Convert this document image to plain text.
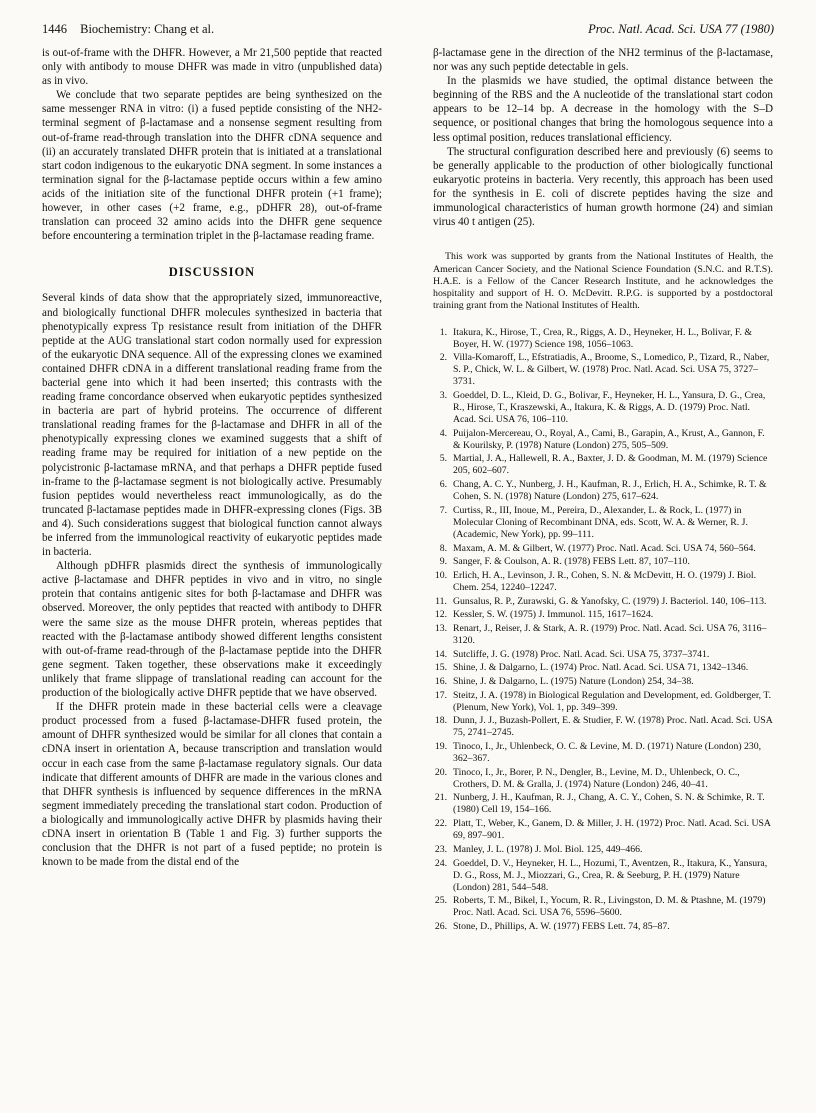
1446 Biochemistry: Chang et al.	Proc. Natl. Acad. Sci. USA 77 (1980)

is out-of-frame with the DHFR. However, a Mr 21,500 peptide that reacted only with antibody to mouse DHFR was made in vitro (unpublished data) as in vivo.

We conclude that two separate peptides are being synthesized on the same messenger RNA in vitro: (i) a fused peptide consisting of the NH2-terminal segment of β-lactamase and a nonsense segment resulting from out-of-frame read-through translation into the DHFR cDNA sequence and (ii) an accurately translated DHFR protein that is initiated at a translational start codon indigenous to the eukaryotic DNA segment. In some instances a termination signal for the β-lactamase peptide occurs within a few amino acids of the initiation site of the functional DHFR protein (+1 frame); however, in other cases (+2 frame, e.g., pDHFR 28), out-of-frame translation can proceed 32 amino acids into the DHFR gene sequence before encountering a termination triplet in the β-lactamase reading frame.

DISCUSSION

Several kinds of data show that the appropriately sized, immunoreactive, and biologically functional DHFR molecules synthesized in bacteria that phenotypically express Tp resistance result from initiation of the DHFR peptide at the AUG translational start codon normally used for expression of the eukaryotic DNA sequence. All of the expressing clones we examined contained DHFR cDNA in a different translational reading frame from the bacterial gene into which it had been inserted; this contrasts with the reading frame concordance observed when eukaryotic peptides synthesized in bacteria are part of hybrid proteins. The occurrence of different translational reading frames for the β-lactamase and DHFR in all of the phenotypically expressing clones we examined suggests that a shift of reading frame may be required for initiation of a new peptide on the polycistronic β-lactamase mRNA, and that perhaps a DHFR peptide fused in-frame to the β-lactamase segment is not biologically active. Presumably fusion peptides would nevertheless react immunologically, as do the truncated β-lactamase peptides made in DHFR-expressing clones (Figs. 3B and 4). Such considerations suggest that biological function cannot always be inferred from the immunological reactivity of eukaryotic peptides made in bacteria.

Although pDHFR plasmids direct the synthesis of immunologically active β-lactamase and DHFR peptides in vivo and in vitro, no single protein that contains antigenic sites for both β-lactamase and DHFR was observed. Moreover, the only peptides that reacted with antibody to DHFR were the same size as the mouse DHFR protein, whereas peptides that reacted with the β-lactamase antibody showed different lengths consistent with out-of-frame read-through of the β-lactamase peptide into the DHFR gene segment. Taken together, these observations make it exceedingly unlikely that frame slippage of translational reading can account for the production of the biologically active DHFR peptide that we have observed.

If the DHFR protein made in these bacterial cells were a cleavage product processed from a fused β-lactamase-DHFR fused protein, the amount of DHFR synthesized would be similar for all clones that contain a cDNA insert in orientation A, because transcription and translation would occur in each case from the same β-lactamase regulatory signals. Our data indicate that different amounts of DHFR are made in the various clones and that DHFR synthesis is influenced by sequence differences in the mRNA segment immediately preceding the translational start codon. Production of a biologically and immunologically active DHFR by plasmids having their cDNA insert in orientation B (Table 1 and Fig. 3) further supports the conclusion that the DHFR is not part of a fused peptide; no protein is known to be made from the distal end of the

β-lactamase gene in the direction of the NH2 terminus of the β-lactamase, nor was any such peptide detectable in gels.

In the plasmids we have studied, the optimal distance between the beginning of the RBS and the A nucleotide of the translational start codon appears to be 12–14 bp. A decrease in the homology with the S–D sequence, or positional changes that bring the homologous sequence into a less optimal position, reduces translational efficiency.

The structural configuration described here and previously (6) seems to be generally applicable to the production of other biologically functional eukaryotic proteins in bacteria. Very recently, this approach has been used for the synthesis in E. coli of discrete peptides having the size and immunological characteristics of human growth hormone (24) and simian virus 40 t antigen (25).

This work was supported by grants from the National Institutes of Health, the American Cancer Society, and the National Science Foundation (S.N.C. and R.T.S). H.A.E. is a Fellow of the Cancer Research Institute, and he acknowledges the hospitality and support of H. O. McDevitt. R.P.G. is supported by a postdoctoral training grant from the National Institutes of Health.

1. Itakura, K., Hirose, T., Crea, R., Riggs, A. D., Heyneker, H. L., Bolivar, F. & Boyer, H. W. (1977) Science 198, 1056–1063.
2. Villa-Komaroff, L., Efstratiadis, A., Broome, S., Lomedico, P., Tizard, R., Naber, S. P., Chick, W. L. & Gilbert, W. (1978) Proc. Natl. Acad. Sci. USA 75, 3727–3731.
3. Goeddel, D. L., Kleid, D. G., Bolivar, F., Heyneker, H. L., Yansura, D. G., Crea, R., Hirose, T., Kraszewski, A., Itakura, K. & Riggs, A. D. (1979) Proc. Natl. Acad. Sci. USA 76, 106–110.
4. Puijalon-Mercereau, O., Royal, A., Cami, B., Garapin, A., Krust, A., Gannon, F. & Kourilsky, P. (1978) Nature (London) 275, 505–509.
5. Martial, J. A., Hallewell, R. A., Baxter, J. D. & Goodman, M. M. (1979) Science 205, 602–607.
6. Chang, A. C. Y., Nunberg, J. H., Kaufman, R. J., Erlich, H. A., Schimke, R. T. & Cohen, S. N. (1978) Nature (London) 275, 617–624.
7. Curtiss, R., III, Inoue, M., Pereira, D., Alexander, L. & Rock, L. (1977) in Molecular Cloning of Recombinant DNA, eds. Scott, W. A. & Werner, R. J. (Academic, New York), pp. 99–111.
8. Maxam, A. M. & Gilbert, W. (1977) Proc. Natl. Acad. Sci. USA 74, 560–564.
9. Sanger, F. & Coulson, A. R. (1978) FEBS Lett. 87, 107–110.
10. Erlich, H. A., Levinson, J. R., Cohen, S. N. & McDevitt, H. O. (1979) J. Biol. Chem. 254, 12240–12247.
11. Gunsalus, R. P., Zurawski, G. & Yanofsky, C. (1979) J. Bacteriol. 140, 106–113.
12. Kessler, S. W. (1975) J. Immunol. 115, 1617–1624.
13. Renart, J., Reiser, J. & Stark, A. R. (1979) Proc. Natl. Acad. Sci. USA 76, 3116–3120.
14. Sutcliffe, J. G. (1978) Proc. Natl. Acad. Sci. USA 75, 3737–3741.
15. Shine, J. & Dalgarno, L. (1974) Proc. Natl. Acad. Sci. USA 71, 1342–1346.
16. Shine, J. & Dalgarno, L. (1975) Nature (London) 254, 34–38.
17. Steitz, J. A. (1978) in Biological Regulation and Development, ed. Goldberger, T. (Plenum, New York), Vol. 1, pp. 349–399.
18. Dunn, J. J., Buzash-Pollert, E. & Studier, F. W. (1978) Proc. Natl. Acad. Sci. USA 75, 2741–2745.
19. Tinoco, I., Jr., Uhlenbeck, O. C. & Levine, M. D. (1971) Nature (London) 230, 362–367.
20. Tinoco, I., Jr., Borer, P. N., Dengler, B., Levine, M. D., Uhlenbeck, O. C., Crothers, D. M. & Gralla, J. (1974) Nature (London) 246, 40–41.
21. Nunberg, J. H., Kaufman, R. J., Chang, A. C. Y., Cohen, S. N. & Schimke, R. T. (1980) Cell 19, 154–166.
22. Platt, T., Weber, K., Ganem, D. & Miller, J. H. (1972) Proc. Natl. Acad. Sci. USA 69, 897–901.
23. Manley, J. L. (1978) J. Mol. Biol. 125, 449–466.
24. Goeddel, D. V., Heyneker, H. L., Hozumi, T., Aventzen, R., Itakura, K., Yansura, D. G., Ross, M. J., Miozzari, G., Crea, R. & Seeburg, P. H. (1979) Nature (London) 281, 544–548.
25. Roberts, T. M., Bikel, I., Yocum, R. R., Livingston, D. M. & Ptashne, M. (1979) Proc. Natl. Acad. Sci. USA 76, 5596–5600.
26. Stone, D., Phillips, A. W. (1977) FEBS Lett. 74, 85–87.
